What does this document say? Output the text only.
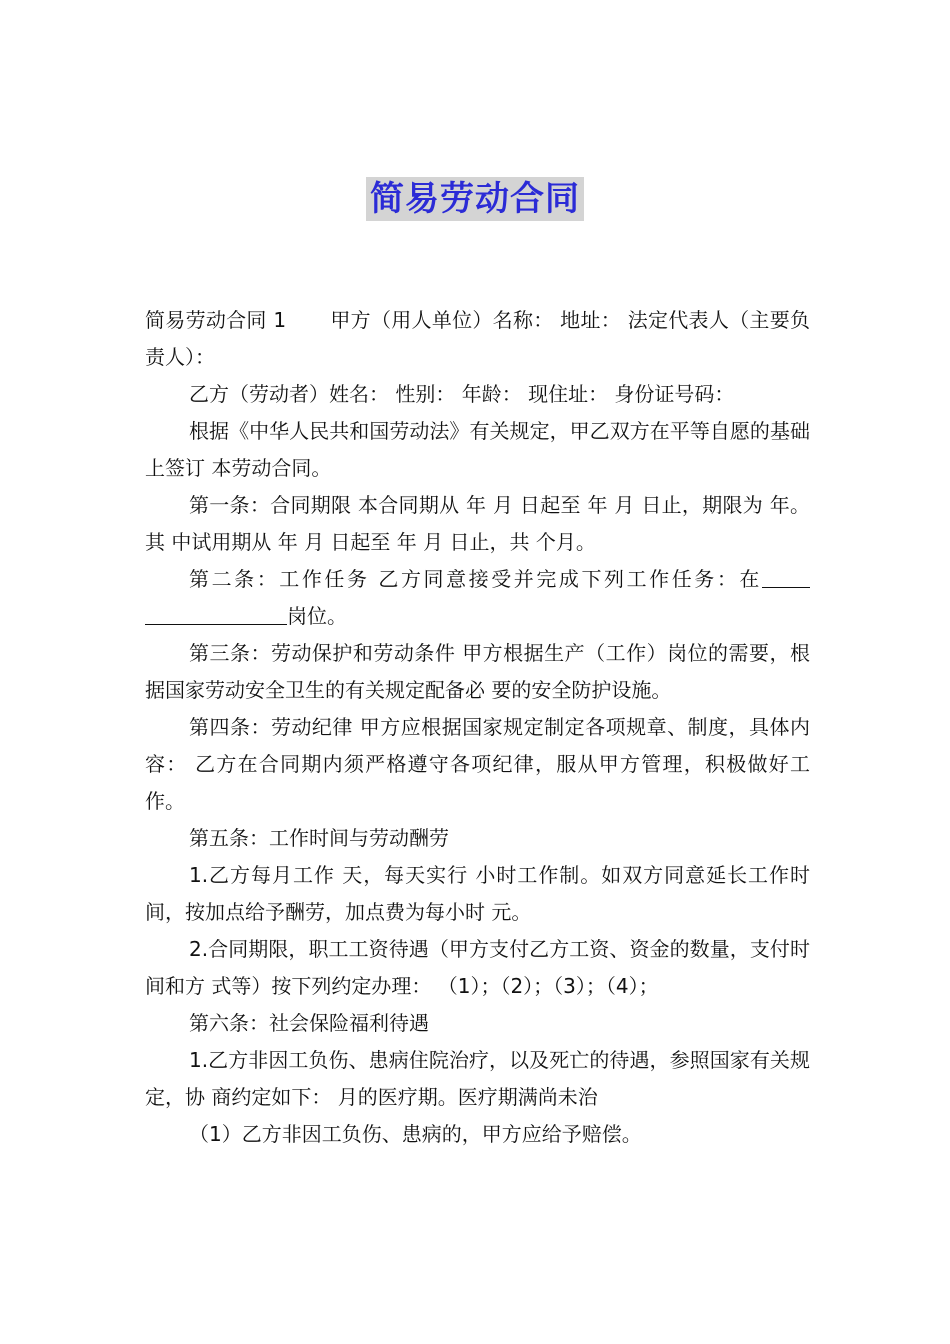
简易劳动合同

简易劳动合同 1 甲方（用人单位）名称： 地址： 法定代表人（主要负责人）：

乙方（劳动者）姓名： 性别： 年龄： 现住址： 身份证号码：

根据《中华人民共和国劳动法》有关规定，甲乙双方在平等自愿的基础上签订 本劳动合同。

第一条：合同期限 本合同期从 年 月 日起至 年 月 日止，期限为 年。其 中试用期从 年 月 日起至 年 月 日止，共 个月。

第二条：工作任务 乙方同意接受并完成下列工作任务：在岗位。

第三条：劳动保护和劳动条件 甲方根据生产（工作）岗位的需要，根据国家劳动安全卫生的有关规定配备必 要的安全防护设施。

第四条：劳动纪律 甲方应根据国家规定制定各项规章、制度，具体内容： 乙方在合同期内须严格遵守各项纪律，服从甲方管理，积极做好工作。

第五条：工作时间与劳动酬劳

1.乙方每月工作 天，每天实行 小时工作制。如双方同意延长工作时间，按加点给予酬劳，加点费为每小时 元。

2.合同期限，职工工资待遇（甲方支付乙方工资、资金的数量，支付时间和方 式等）按下列约定办理： （1）；（2）；（3）；（4）；

第六条：社会保险福利待遇

1.乙方非因工负伤、患病住院治疗，以及死亡的待遇，参照国家有关规定，协 商约定如下： 月的医疗期。医疗期满尚未治

（1）乙方非因工负伤、患病的，甲方应给予赔偿。
